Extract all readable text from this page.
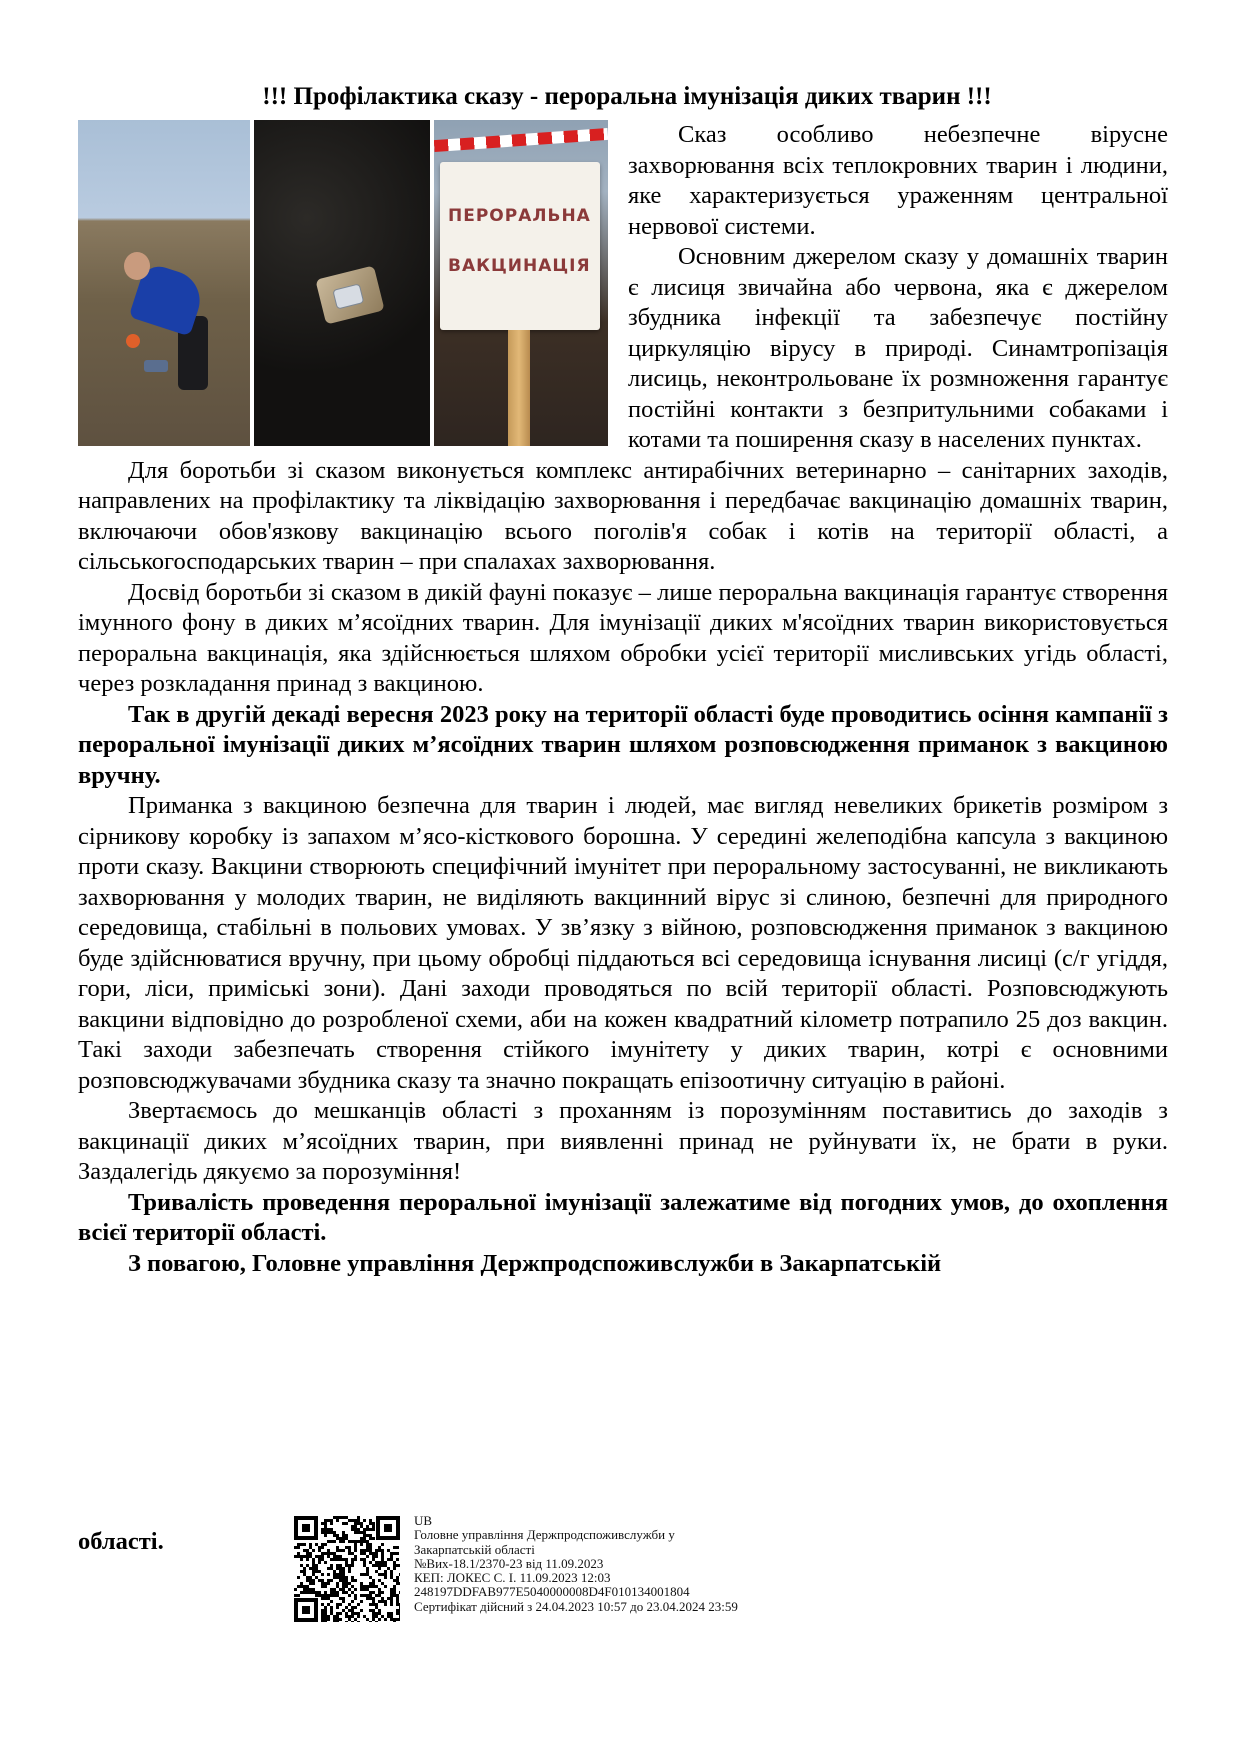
!!! Профілактика сказу - пероральна імунізація диких тварин !!!
ПЕРОРАЛЬНА
ВАКЦИНАЦІЯ

Сказ особливо небезпечне вірусне захворювання всіх теплокровних тварин і людини, яке характеризується ураженням центральної нервової системи.

Основним джерелом сказу у домашніх тварин є лисиця звичайна або червона, яка є джерелом збудника інфекції та забезпечує постійну циркуляцію вірусу в природі. Синамтропізація лисиць, неконтрольоване їх розмноження гарантує постійні контакти з безпритульними собаками і котами та поширення сказу в населених пунктах.

Для боротьби зі сказом виконується комплекс антирабічних ветеринарно – санітарних заходів, направлених на профілактику та ліквідацію захворювання і передбачає вакцинацію домашніх тварин, включаючи обов'язкову вакцинацію всього поголів'я собак і котів на території області, а сільськогосподарських тварин – при спалахах захворювання.

Досвід боротьби зі сказом в дикій фауні показує – лише пероральна вакцинація гарантує створення імунного фону в диких м’ясоїдних тварин. Для імунізації диких м'ясоїдних тварин використовується пероральна вакцинація, яка здійснюється шляхом обробки усієї території мисливських угідь області, через розкладання принад з вакциною.

Так в другій декаді вересня 2023 року на території області буде проводитись осіння кампанії з пероральної імунізації диких м’ясоїдних тварин шляхом розповсюдження приманок з вакциною вручну.

Приманка з вакциною безпечна для тварин і людей, має вигляд невеликих брикетів розміром з сірникову коробку із запахом м’ясо-кісткового борошна. У середині желеподібна капсула з вакциною проти сказу. Вакцини створюють специфічний імунітет при пероральному застосуванні, не викликають захворювання у молодих тварин, не виділяють вакцинний вірус зі слиною, безпечні для природного середовища, стабільні в польових умовах. У зв’язку з війною, розповсюдження приманок з вакциною буде здійснюватися вручну, при цьому обробці піддаються всі середовища існування лисиці (с/г угіддя, гори, ліси, приміські зони). Дані заходи проводяться по всій території області. Розповсюджують вакцини відповідно до розробленої схеми, аби на кожен квадратний кілометр потрапило 25 доз вакцин. Такі заходи забезпечать створення стійкого імунітету у диких тварин, котрі є основними розповсюджувачами збудника сказу та значно покращать епізоотичну ситуацію в районі.

Звертаємось до мешканців області з проханням із порозумінням поставитись до заходів з вакцинації диких м’ясоїдних тварин, при виявленні принад не руйнувати їх, не брати в руки. Заздалегідь дякуємо за порозуміння!

Тривалість проведення пероральної імунізації залежатиме від погодних умов, до охоплення всієї території області.

З повагою, Головне управління Держпродспоживслужби в Закарпатській

області.
UB
Головне управління Держпродспоживслужби у
Закарпатській області
№Вих-18.1/2370-23 від 11.09.2023
КЕП: ЛОКЕС С. І. 11.09.2023 12:03
248197DDFAB977E5040000008D4F010134001804
Сертифікат дійсний з 24.04.2023 10:57 до 23.04.2024 23:59
